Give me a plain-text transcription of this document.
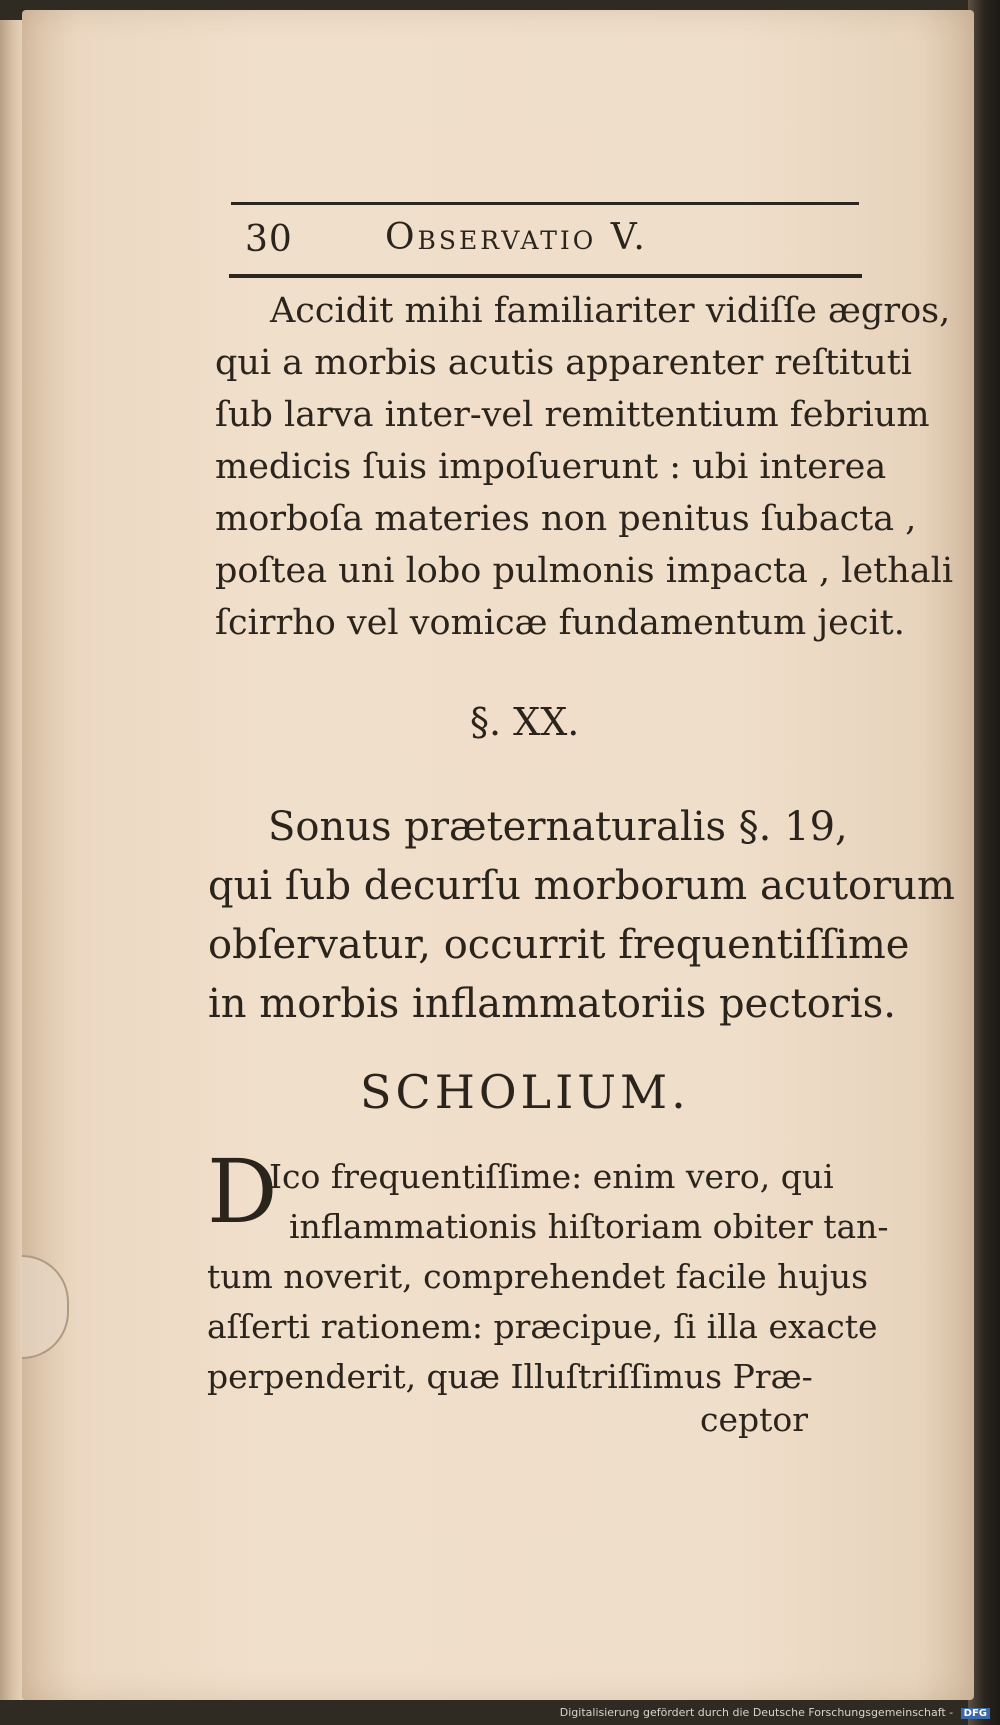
30	Observatio V.
Accidit mihi familiariter vidiſſe ægros,
qui a morbis acutis apparenter reſtituti
ſub larva inter-vel remittentium febrium
medicis ſuis impoſuerunt : ubi interea
morboſa materies non penitus ſubacta ,
poſtea uni lobo pulmonis impacta , lethali
ſcirrho vel vomicæ fundamentum jecit.
§. XX.
Sonus præternaturalis §. 19,
qui ſub decurſu morborum acutorum
obſervatur, occurrit frequentiſſime
in morbis inflammatoriis pectoris.
SCHOLIUM.
D
Ico frequentiſſime: enim vero, qui
inflammationis hiſtoriam obiter tan-
tum noverit, comprehendet facile hujus
aſſerti rationem: præcipue, ſi illa exacte
perpenderit, quæ Illuſtriſſimus Præ-
ceptor
Digitalisierung gefördert durch die Deutsche Forschungsgemeinschaft - DFG
